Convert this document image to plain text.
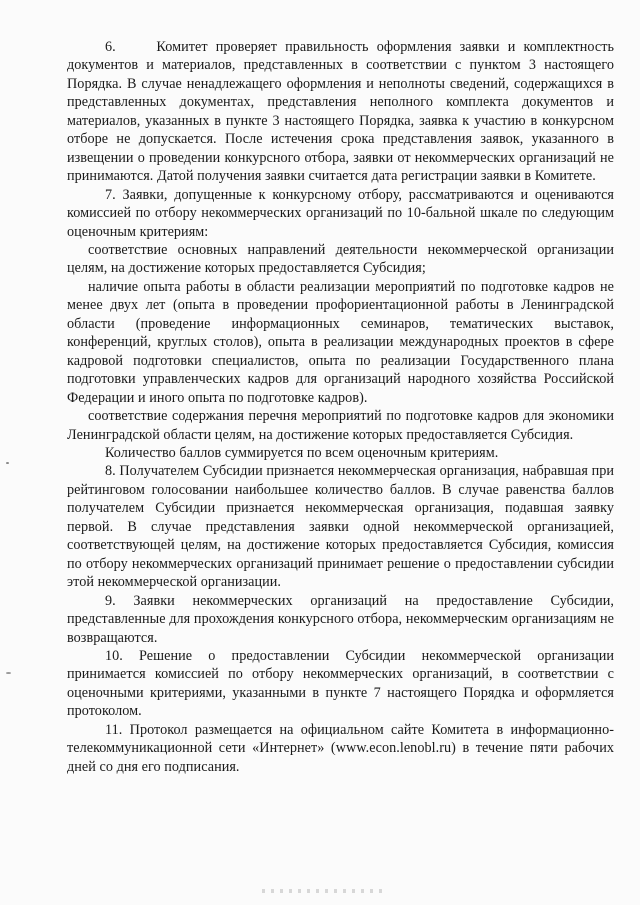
6.     Комитет проверяет правильность оформления заявки и комплектность документов и материалов, представленных в соответствии с пунктом 3 настоящего Порядка. В случае ненадлежащего оформления и неполноты сведений, содержащихся в представленных документах, представления неполного комплекта документов и материалов, указанных в пункте 3 настоящего Порядка, заявка к участию в конкурсном отборе не допускается. После истечения срока представления заявок, указанного в извещении о проведении конкурсного отбора, заявки от некоммерческих организаций не принимаются. Датой получения заявки считается дата регистрации заявки в Комитете.

7. Заявки, допущенные к конкурсному отбору, рассматриваются и оцениваются комиссией по отбору некоммерческих организаций по 10-бальной шкале по следующим оценочным критериям:

соответствие основных направлений деятельности некоммерческой организации целям, на достижение которых предоставляется Субсидия;

наличие опыта работы в области реализации мероприятий по подготовке кадров не менее двух лет (опыта в проведении профориентационной работы в Ленинградской области (проведение информационных семинаров, тематических выставок, конференций, круглых столов), опыта в реализации международных проектов в сфере кадровой подготовки специалистов, опыта по реализации Государственного плана подготовки управленческих кадров для организаций народного хозяйства Российской Федерации и иного опыта по подготовке кадров).

соответствие содержания перечня мероприятий по подготовке кадров для экономики Ленинградской области целям, на достижение которых предоставляется Субсидия.

Количество баллов суммируется по всем оценочным критериям.

8. Получателем Субсидии признается некоммерческая организация, набравшая при рейтинговом голосовании наибольшее количество баллов. В случае равенства баллов получателем Субсидии признается некоммерческая организация, подавшая заявку первой. В случае представления заявки одной некоммерческой организацией, соответствующей целям, на достижение которых предоставляется Субсидия, комиссия по отбору некоммерческих организаций принимает решение о предоставлении субсидии этой некоммерческой организации.

9. Заявки некоммерческих организаций на предоставление Субсидии, представленные для прохождения конкурсного отбора, некоммерческим организациям не возвращаются.

10. Решение о предоставлении Субсидии некоммерческой организации принимается комиссией по отбору некоммерческих организаций, в соответствии с оценочными критериями, указанными в пункте 7 настоящего Порядка и оформляется протоколом.

11. Протокол размещается на официальном сайте Комитета в информационно-телекоммуникационной сети «Интернет» (www.econ.lenobl.ru) в течение пяти рабочих дней со дня его подписания.
